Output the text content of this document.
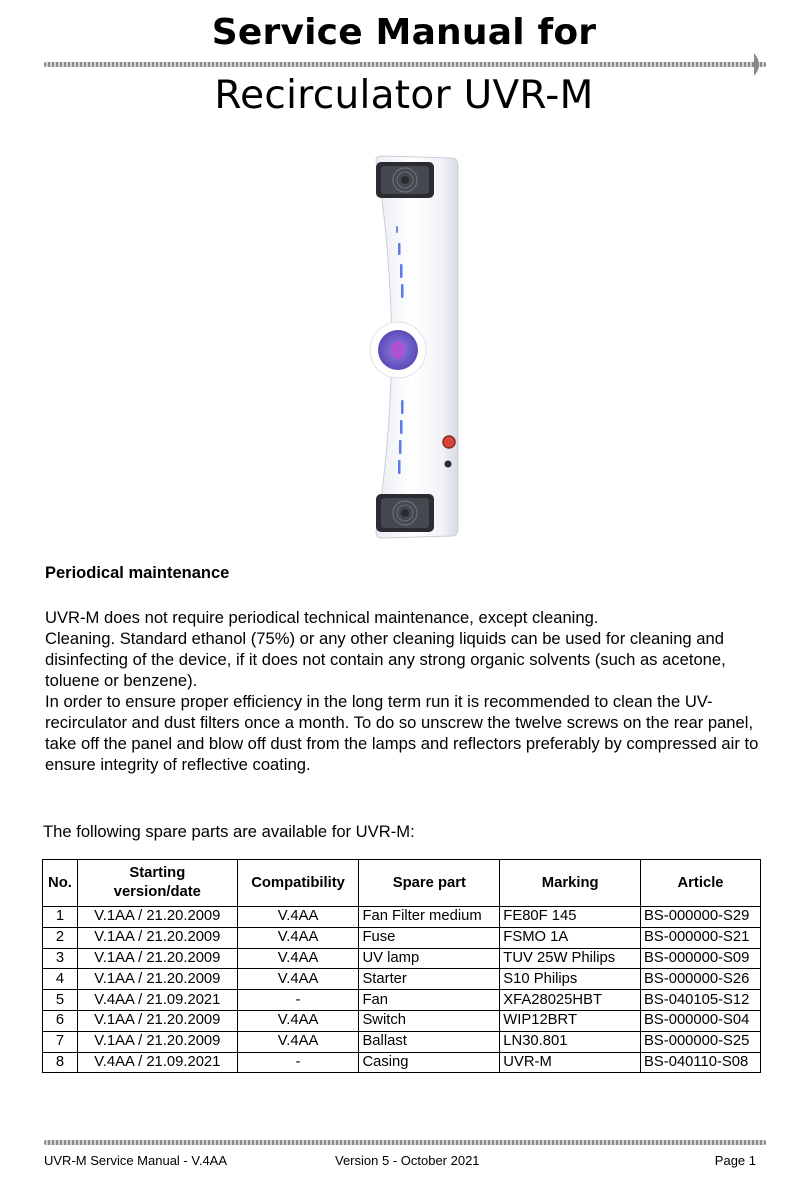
Service Manual for
Recirculator UVR-M
Periodical maintenance

UVR-M does not require periodical technical maintenance, except cleaning.

Cleaning. Standard ethanol (75%) or any other cleaning liquids can be used for cleaning and disinfecting of the device, if it does not contain any strong organic solvents (such as acetone, toluene or benzene).

In order to ensure proper efficiency in the long term run it is recommended to clean the UV-recirculator and dust filters once a month. To do so unscrew the twelve screws on the rear panel, take off the panel and blow off dust from the lamps and reflectors preferably by compressed air to ensure integrity of reflective coating.

The following spare parts are available for UVR-M:
No.	Starting version/date	Compatibility	Spare part	Marking	Article
1	V.1AA / 21.20.2009	V.4AA	Fan Filter medium	FE80F 145	BS-000000-S29
2	V.1AA / 21.20.2009	V.4AA	Fuse	FSMO 1A	BS-000000-S21
3	V.1AA / 21.20.2009	V.4AA	UV lamp	TUV 25W Philips	BS-000000-S09
4	V.1AA / 21.20.2009	V.4AA	Starter	S10 Philips	BS-000000-S26
5	V.4AA / 21.09.2021	-	Fan	XFA28025HBT	BS-040105-S12
6	V.1AA / 21.20.2009	V.4AA	Switch	WIP12BRT	BS-000000-S04
7	V.1AA / 21.20.2009	V.4AA	Ballast	LN30.801	BS-000000-S25
8	V.4AA / 21.09.2021	-	Casing	UVR-M	BS-040110-S08
UVR-M Service Manual - V.4AA	Version 5 - October 2021	Page 1
